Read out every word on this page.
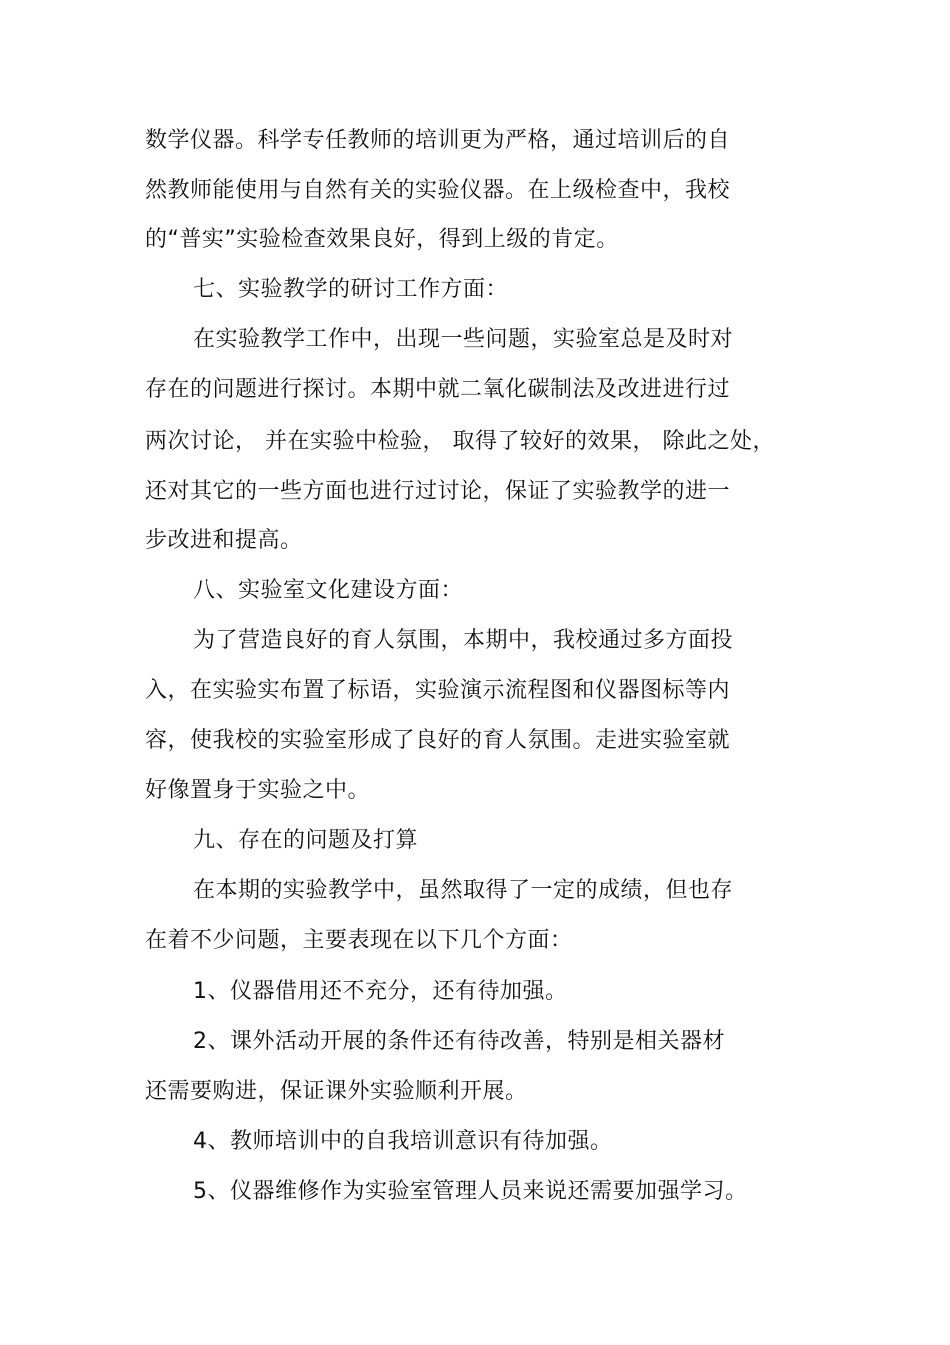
数学仪器。科学专任教师的培训更为严格，通过培训后的自
然教师能使用与自然有关的实验仪器。在上级检查中，我校
的“普实”实验检查效果良好，得到上级的肯定。
七、实验教学的研讨工作方面：
在实验教学工作中，出现一些问题，实验室总是及时对
存在的问题进行探讨。本期中就二氧化碳制法及改进进行过
两次讨论， 并在实验中检验， 取得了较好的效果， 除此之处，
还对其它的一些方面也进行过讨论，保证了实验教学的进一
步改进和提高。
八、实验室文化建设方面：
为了营造良好的育人氛围，本期中，我校通过多方面投
入，在实验实布置了标语，实验演示流程图和仪器图标等内
容，使我校的实验室形成了良好的育人氛围。走进实验室就
好像置身于实验之中。
九、存在的问题及打算
在本期的实验教学中，虽然取得了一定的成绩，但也存
在着不少问题，主要表现在以下几个方面：
1、仪器借用还不充分，还有待加强。
2、课外活动开展的条件还有待改善，特别是相关器材
还需要购进，保证课外实验顺利开展。
4、教师培训中的自我培训意识有待加强。
5、仪器维修作为实验室管理人员来说还需要加强学习。
